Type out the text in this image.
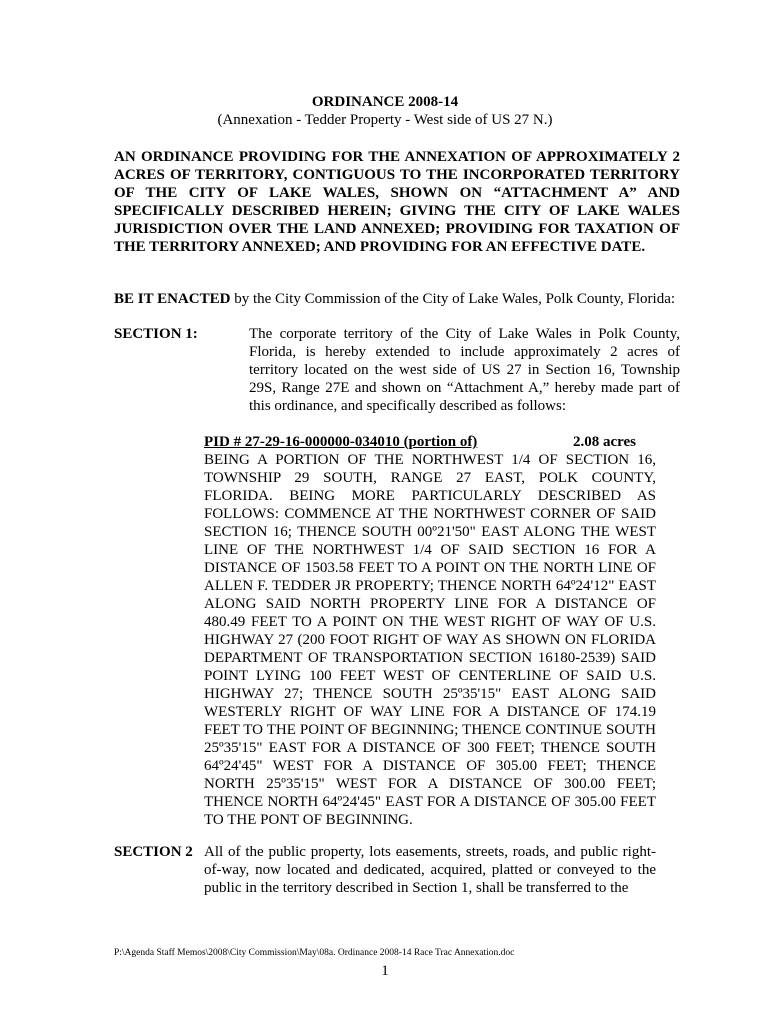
ORDINANCE 2008-14
(Annexation - Tedder Property - West side of US 27 N.)
AN ORDINANCE PROVIDING FOR THE ANNEXATION OF APPROXIMATELY 2 ACRES OF TERRITORY, CONTIGUOUS TO THE INCORPORATED TERRITORY OF THE CITY OF LAKE WALES, SHOWN ON “ATTACHMENT A” AND SPECIFICALLY DESCRIBED HEREIN; GIVING THE CITY OF LAKE WALES JURISDICTION OVER THE LAND ANNEXED; PROVIDING FOR TAXATION OF THE TERRITORY ANNEXED; AND PROVIDING FOR AN EFFECTIVE DATE.
BE IT ENACTED by the City Commission of the City of Lake Wales, Polk County, Florida:
SECTION 1:	The corporate territory of the City of Lake Wales in Polk County, Florida, is hereby extended to include approximately 2 acres of territory located on the west side of US 27 in Section 16, Township 29S, Range 27E and shown on “Attachment A,” hereby made part of this ordinance, and specifically described as follows:
PID # 27-29-16-000000-034010 (portion of)	2.08 acres
BEING A PORTION OF THE NORTHWEST 1/4 OF SECTION 16, TOWNSHIP 29 SOUTH, RANGE 27 EAST, POLK COUNTY, FLORIDA. BEING MORE PARTICULARLY DESCRIBED AS FOLLOWS: COMMENCE AT THE NORTHWEST CORNER OF SAID SECTION 16; THENCE SOUTH 00º21'50" EAST ALONG THE WEST LINE OF THE NORTHWEST 1/4 OF SAID SECTION 16 FOR A DISTANCE OF 1503.58 FEET TO A POINT ON THE NORTH LINE OF ALLEN F. TEDDER JR PROPERTY; THENCE NORTH 64º24'12" EAST ALONG SAID NORTH PROPERTY LINE FOR A DISTANCE OF 480.49 FEET TO A POINT ON THE WEST RIGHT OF WAY OF U.S. HIGHWAY 27 (200 FOOT RIGHT OF WAY AS SHOWN ON FLORIDA DEPARTMENT OF TRANSPORTATION SECTION 16180-2539) SAID POINT LYING 100 FEET WEST OF CENTERLINE OF SAID U.S. HIGHWAY 27; THENCE SOUTH 25º35'15" EAST ALONG SAID WESTERLY RIGHT OF WAY LINE FOR A DISTANCE OF 174.19 FEET TO THE POINT OF BEGINNING; THENCE CONTINUE SOUTH 25º35'15" EAST FOR A DISTANCE OF 300 FEET; THENCE SOUTH 64º24'45" WEST FOR A DISTANCE OF 305.00 FEET; THENCE NORTH 25º35'15" WEST FOR A DISTANCE OF 300.00 FEET; THENCE NORTH 64º24'45" EAST FOR A DISTANCE OF 305.00 FEET TO THE PONT OF BEGINNING.
SECTION 2 All of the public property, lots easements, streets, roads, and public right-of-way, now located and dedicated, acquired, platted or conveyed to the public in the territory described in Section 1, shall be transferred to the
P:\Agenda Staff Memos\2008\City Commission\May\08a. Ordinance 2008-14 Race Trac Annexation.doc
1
